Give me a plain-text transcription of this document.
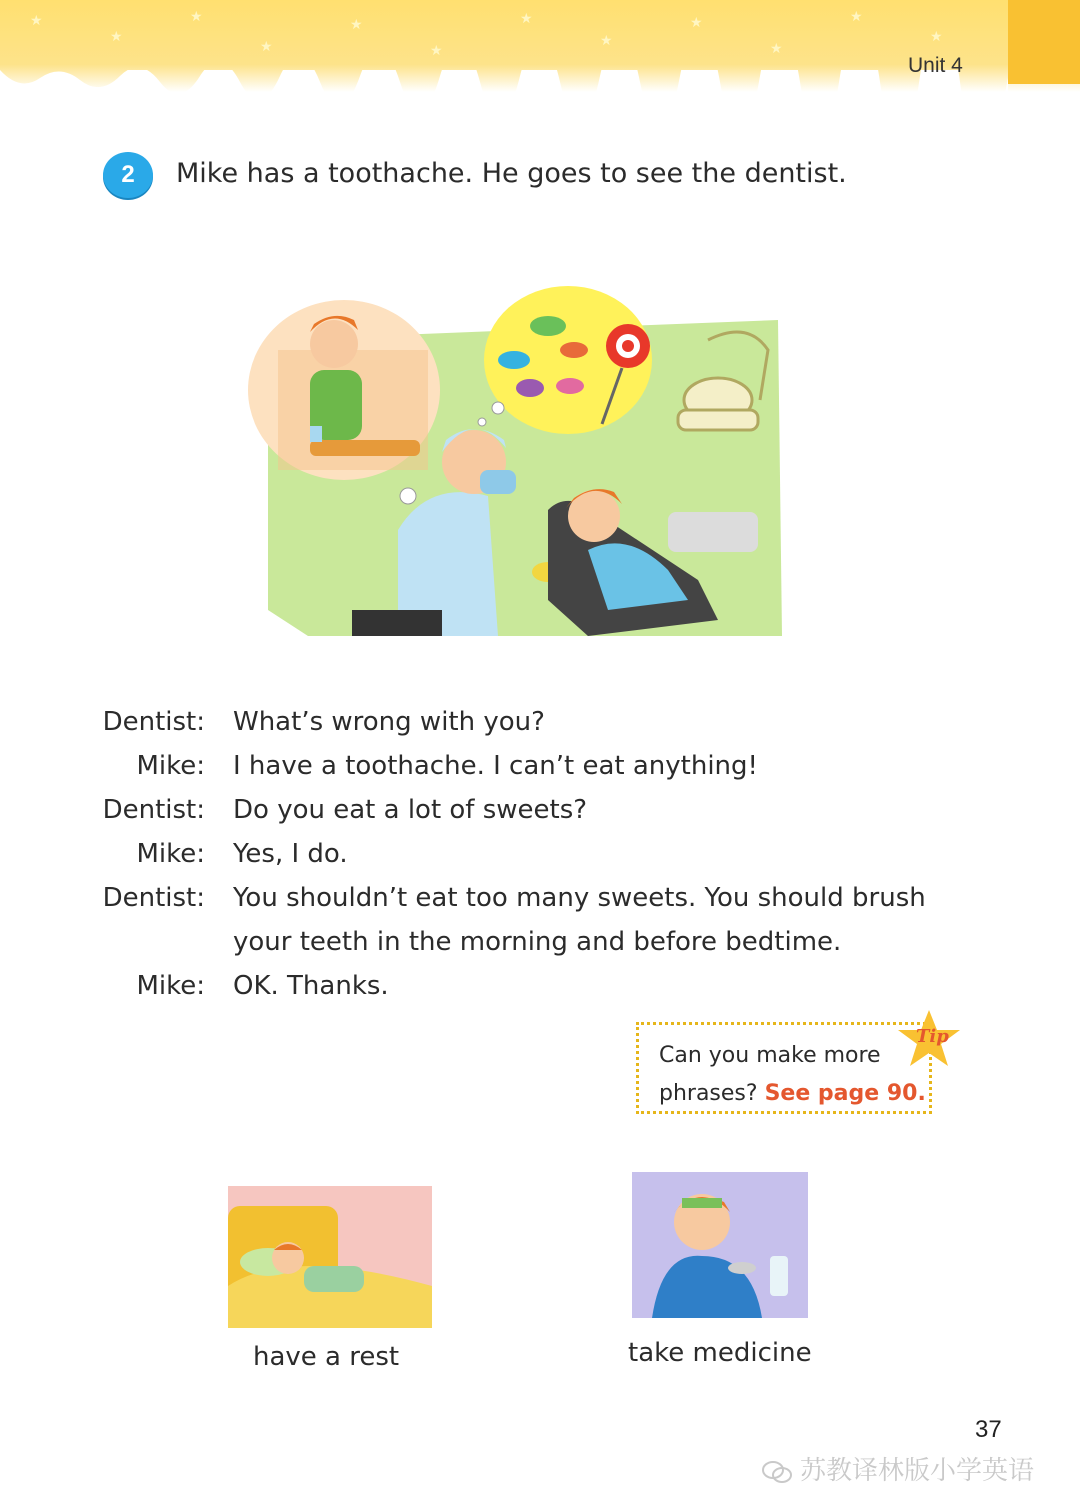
★
★
★
★
★
★
★
★
★
★
★
★
Unit 4
2	Mike has a toothache. He goes to see the dentist.
Dentist: What’s wrong with you?
Mike: I have a toothache. I can’t eat anything!
Dentist: Do you eat a lot of sweets?
Mike: Yes, I do.
Dentist: You shouldn’t eat too many sweets. You should brush
your teeth in the morning and before bedtime.
Mike: OK. Thanks.
Can you make more
phrases? See page 90.
Tip
have a rest	take medicine
37
苏教译林版小学英语
